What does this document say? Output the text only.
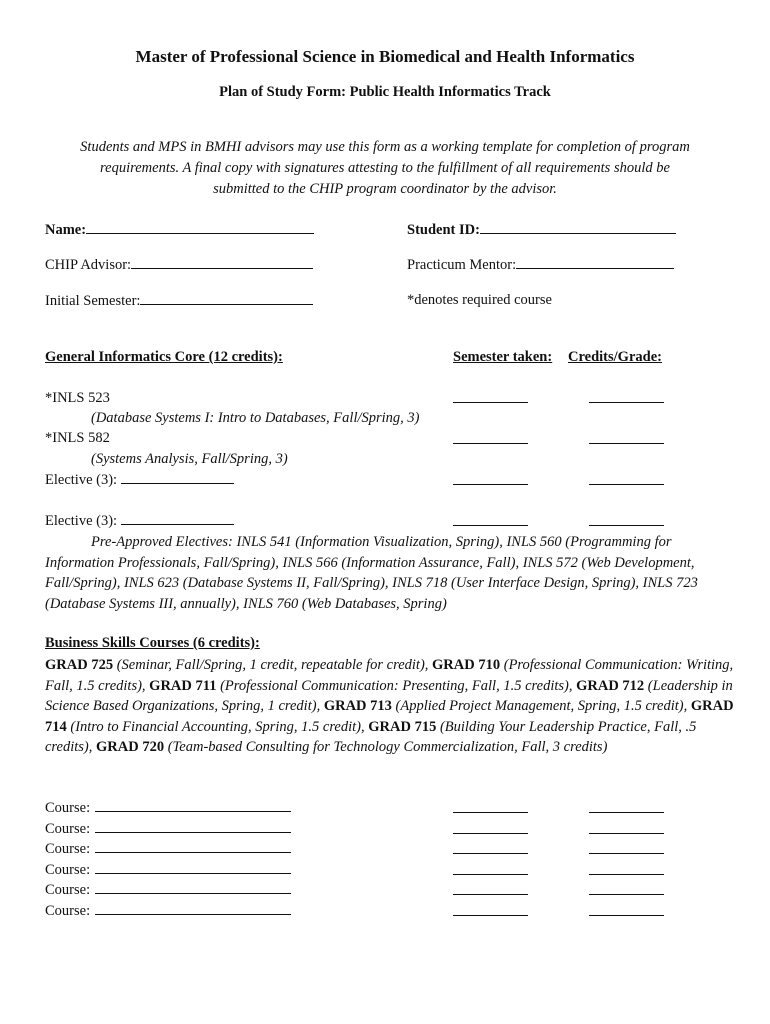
Master of Professional Science in Biomedical and Health Informatics
Plan of Study Form: Public Health Informatics Track
Students and MPS in BMHI advisors may use this form as a working template for completion of program requirements. A final copy with signatures attesting to the fulfillment of all requirements should be submitted to the CHIP program coordinator by the advisor.
Name:	Student ID:
CHIP Advisor:	Practicum Mentor:
Initial Semester:	*denotes required course
General Informatics Core (12 credits):	Semester taken: Credits/Grade:
*INLS 523
(Database Systems I: Intro to Databases, Fall/Spring, 3)
*INLS 582
(Systems Analysis, Fall/Spring, 3)
Elective (3):
Elective (3):
Pre-Approved Electives: INLS 541 (Information Visualization, Spring), INLS 560 (Programming for Information Professionals, Fall/Spring), INLS 566 (Information Assurance, Fall), INLS 572 (Web Development, Fall/Spring), INLS 623 (Database Systems II, Fall/Spring), INLS 718 (User Interface Design, Spring), INLS 723 (Database Systems III, annually), INLS 760 (Web Databases, Spring)
Business Skills Courses (6 credits):
GRAD 725 (Seminar, Fall/Spring, 1 credit, repeatable for credit), GRAD 710 (Professional Communication: Writing, Fall, 1.5 credits), GRAD 711 (Professional Communication: Presenting, Fall, 1.5 credits), GRAD 712 (Leadership in Science Based Organizations, Spring, 1 credit), GRAD 713 (Applied Project Management, Spring, 1.5 credit), GRAD 714 (Intro to Financial Accounting, Spring, 1.5 credit), GRAD 715 (Building Your Leadership Practice, Fall, .5 credits), GRAD 720 (Team-based Consulting for Technology Commercialization, Fall, 3 credits)
Course:
Course:
Course:
Course:
Course:
Course:
